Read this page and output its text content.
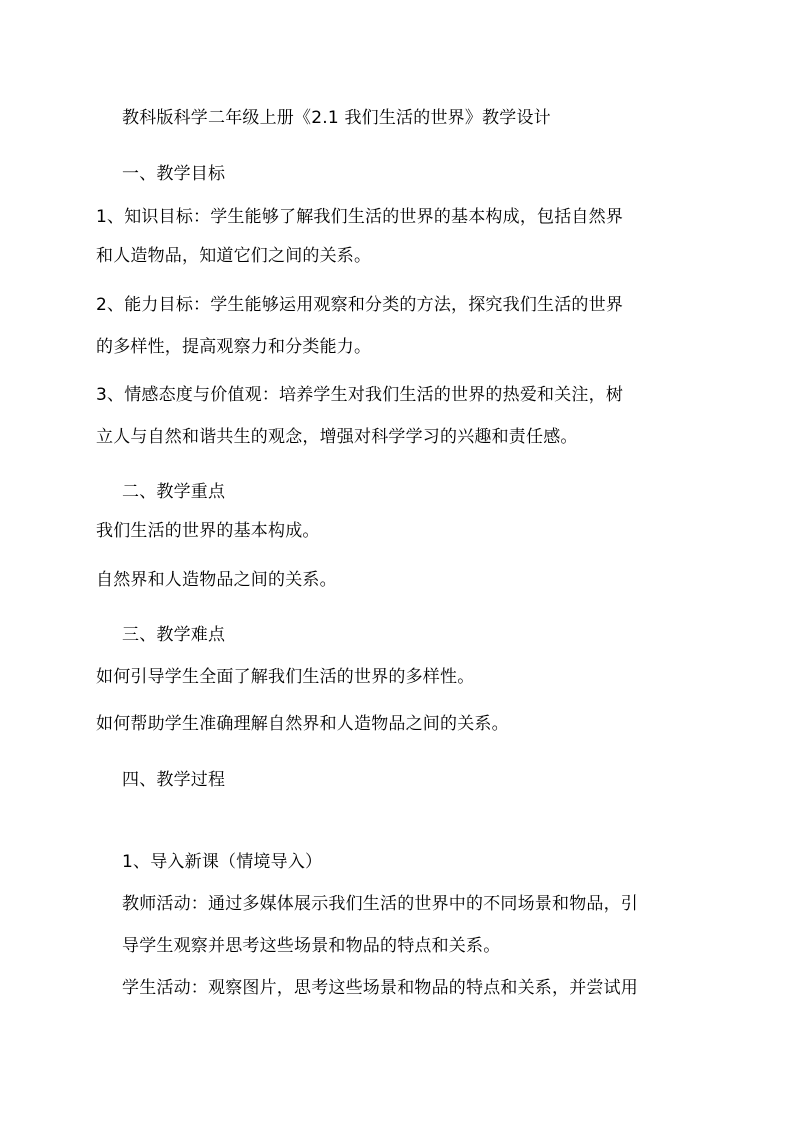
教科版科学二年级上册《2.1 我们生活的世界》教学设计
一、教学目标
1、知识目标：学生能够了解我们生活的世界的基本构成，包括自然界
和人造物品，知道它们之间的关系。
2、能力目标：学生能够运用观察和分类的方法，探究我们生活的世界
的多样性，提高观察力和分类能力。
3、情感态度与价值观：培养学生对我们生活的世界的热爱和关注，树
立人与自然和谐共生的观念，增强对科学学习的兴趣和责任感。
二、教学重点
我们生活的世界的基本构成。
自然界和人造物品之间的关系。
三、教学难点
如何引导学生全面了解我们生活的世界的多样性。
如何帮助学生准确理解自然界和人造物品之间的关系。
四、教学过程
1、导入新课（情境导入）
教师活动：通过多媒体展示我们生活的世界中的不同场景和物品，引
导学生观察并思考这些场景和物品的特点和关系。
学生活动：观察图片，思考这些场景和物品的特点和关系，并尝试用
